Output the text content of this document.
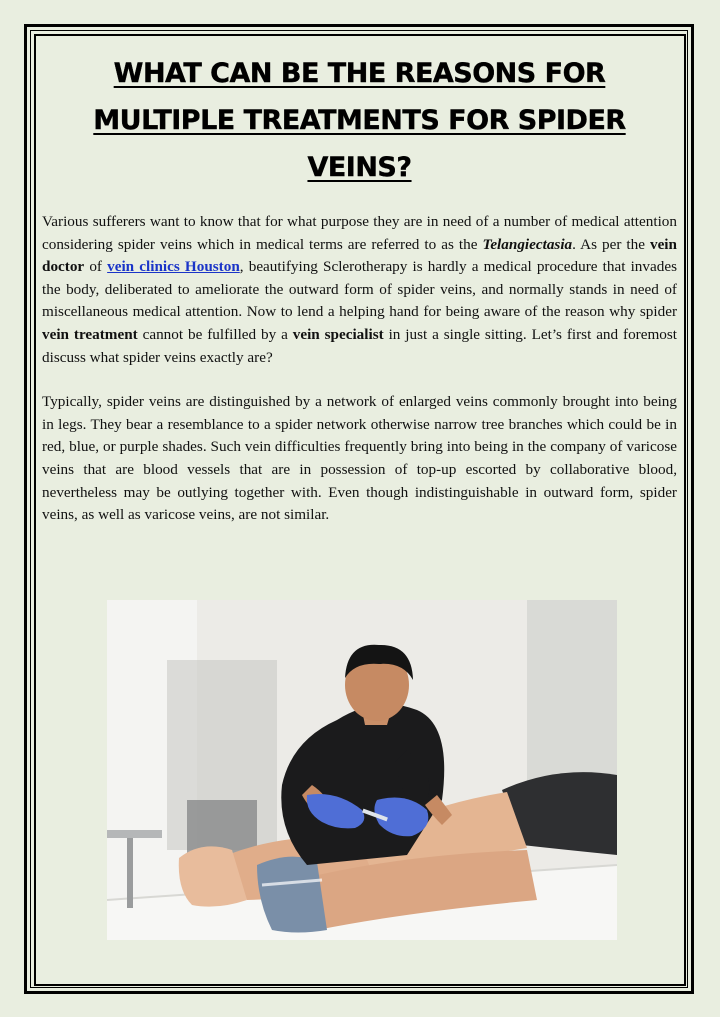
WHAT CAN BE THE REASONS FOR MULTIPLE TREATMENTS FOR SPIDER VEINS?

Various sufferers want to know that for what purpose they are in need of a number of medical attention considering spider veins which in medical terms are referred to as the Telangiectasia. As per the vein doctor of vein clinics Houston, beautifying Sclerotherapy is hardly a medical procedure that invades the body, deliberated to ameliorate the outward form of spider veins, and normally stands in need of miscellaneous medical attention. Now to lend a helping hand for being aware of the reason why spider vein treatment cannot be fulfilled by a vein specialist in just a single sitting. Let’s first and foremost discuss what spider veins exactly are?

Typically, spider veins are distinguished by a network of enlarged veins commonly brought into being in legs. They bear a resemblance to a spider network otherwise narrow tree branches which could be in red, blue, or purple shades. Such vein difficulties frequently bring into being in the company of varicose veins that are blood vessels that are in possession of top-up escorted by collaborative blood, nevertheless may be outlying together with. Even though indistinguishable in outward form, spider veins, as well as varicose veins, are not similar.
